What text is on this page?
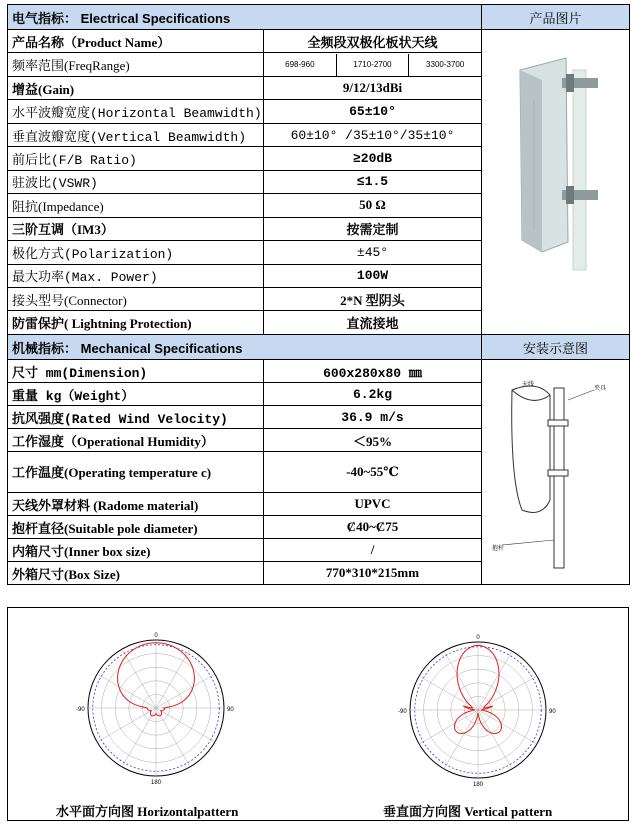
电气指标： Electrical Specifications		产品图片
产品名称（Product Name）	全频段双极化板状天线	
频率范围(FreqRange)	698-960 1710-2700 3300-3700	

增益(Gain)	9/12/13dBi	
水平波瓣宽度(Horizontal Beamwidth)	65±10°	
垂直波瓣宽度(Vertical Beamwidth)	60±10° /35±10°/35±10°	
前后比(F/B Ratio)	≥20dB	
驻波比(VSWR)	≤1.5	
阻抗(Impedance)	50 Ω	
三阶互调（IM3）	按需定制	
极化方式(Polarization)	±45°	
最大功率(Max. Power)	100W	
接头型号(Connector)	2*N 型阴头	
防雷保护( Lightning Protection)	直流接地	
机械指标： Mechanical Specifications		安装示意图
尺寸 mm(Dimension)	600x280x80 ㎜	天线
夹具
抱杆

重量 kg（Weight）	6.2kg	
抗风强度(Rated Wind Velocity)	36.9 m/s	
工作湿度（Operational Humidity）	＜95%	
工作温度(Operating temperature c)	-40~55℃	
天线外罩材料 (Radome material)	UPVC	
抱杆直径(Suitable pole diameter)	Ȼ40~Ȼ75	
内箱尺寸(Inner box size)	/	
外箱尺寸(Box Size)	770*310*215mm	
0
180
-90	90
0
180
-90	90
水平面方向图 Horizontalpattern	垂直面方向图 Vertical pattern
